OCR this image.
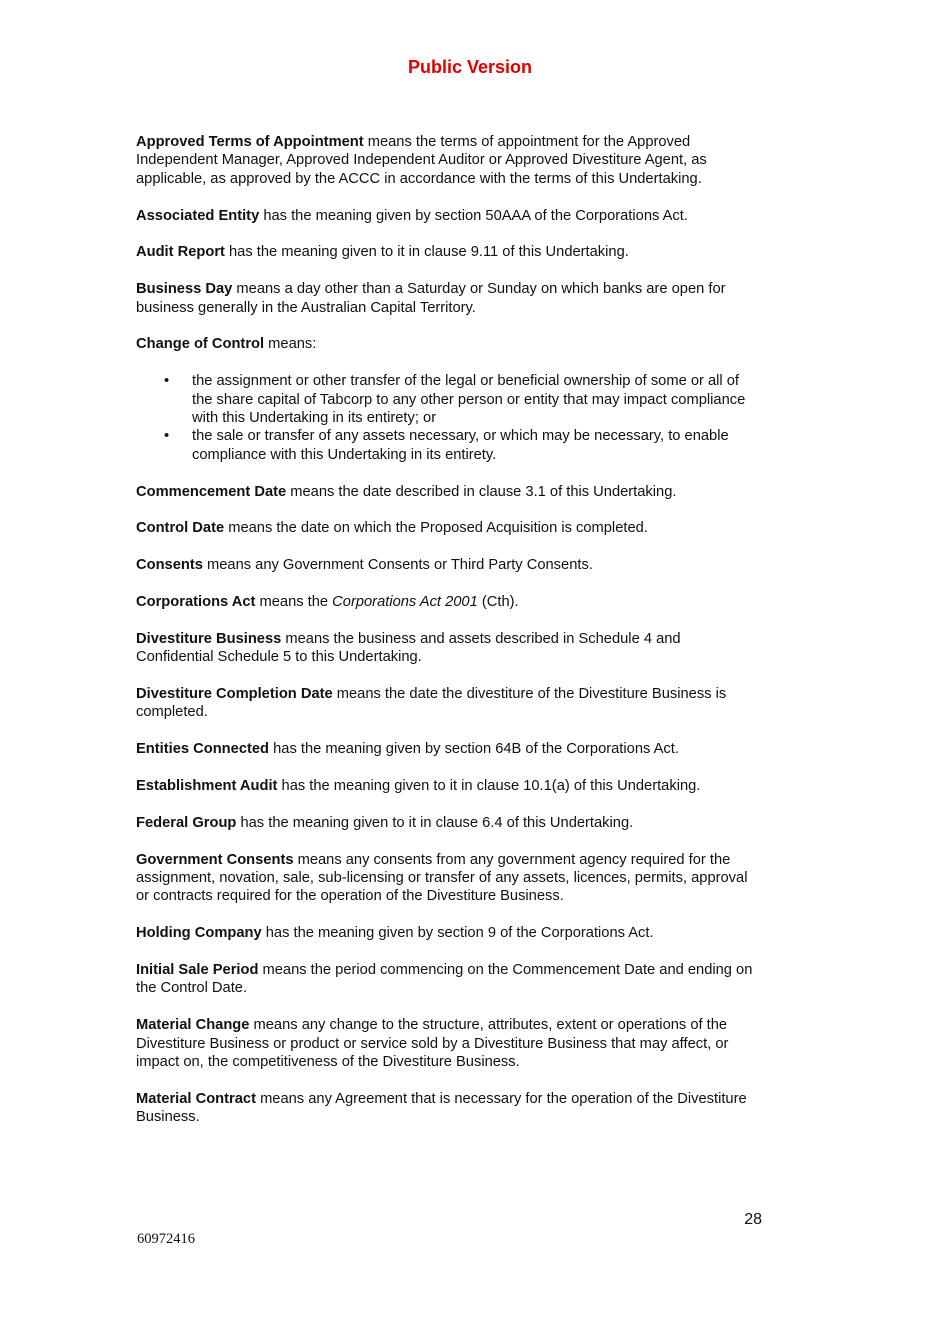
Public Version

Approved Terms of Appointment means the terms of appointment for the Approved Independent Manager, Approved Independent Auditor or Approved Divestiture Agent, as applicable, as approved by the ACCC in accordance with the terms of this Undertaking.

Associated Entity has the meaning given by section 50AAA of the Corporations Act.

Audit Report has the meaning given to it in clause 9.11 of this Undertaking.

Business Day means a day other than a Saturday or Sunday on which banks are open for business generally in the Australian Capital Territory.

Change of Control means:

• the assignment or other transfer of the legal or beneficial ownership of some or all of the share capital of Tabcorp to any other person or entity that may impact compliance with this Undertaking in its entirety; or
• the sale or transfer of any assets necessary, or which may be necessary, to enable compliance with this Undertaking in its entirety.

Commencement Date means the date described in clause 3.1 of this Undertaking.

Control Date means the date on which the Proposed Acquisition is completed.

Consents means any Government Consents or Third Party Consents.

Corporations Act means the Corporations Act 2001 (Cth).

Divestiture Business means the business and assets described in Schedule 4 and Confidential Schedule 5 to this Undertaking.

Divestiture Completion Date means the date the divestiture of the Divestiture Business is completed.

Entities Connected has the meaning given by section 64B of the Corporations Act.

Establishment Audit has the meaning given to it in clause 10.1(a) of this Undertaking.

Federal Group has the meaning given to it in clause 6.4 of this Undertaking.

Government Consents means any consents from any government agency required for the assignment, novation, sale, sub-licensing or transfer of any assets, licences, permits, approval or contracts required for the operation of the Divestiture Business.

Holding Company has the meaning given by section 9 of the Corporations Act.

Initial Sale Period means the period commencing on the Commencement Date and ending on the Control Date.

Material Change means any change to the structure, attributes, extent or operations of the Divestiture Business or product or service sold by a Divestiture Business that may affect, or impact on, the competitiveness of the Divestiture Business.

Material Contract means any Agreement that is necessary for the operation of the Divestiture Business.

28
60972416
